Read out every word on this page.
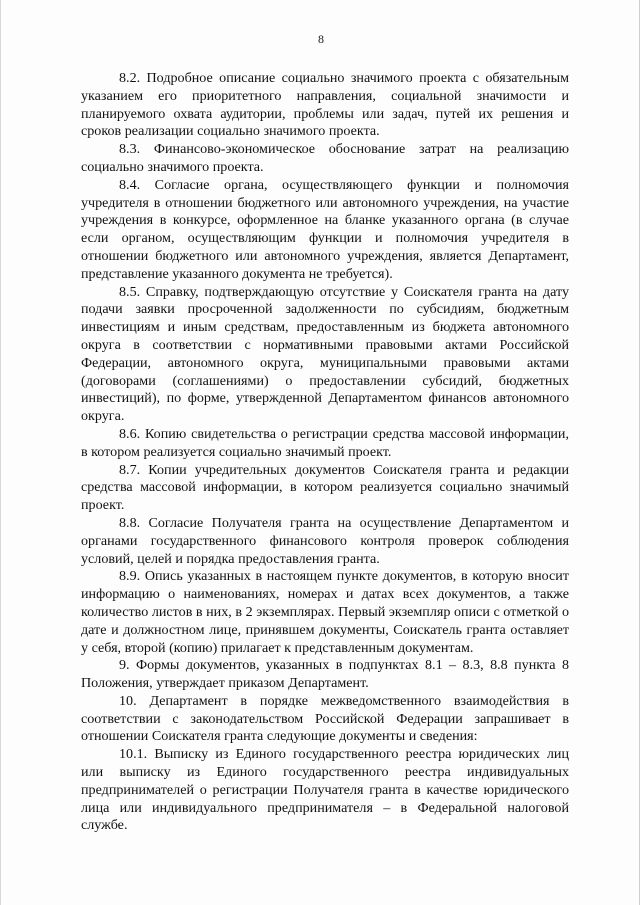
8

8.2. Подробное описание социально значимого проекта с обязательным указанием его приоритетного направления, социальной значимости и планируемого охвата аудитории, проблемы или задач, путей их решения и сроков реализации социально значимого проекта.

8.3. Финансово-экономическое обоснование затрат на реализацию социально значимого проекта.

8.4. Согласие органа, осуществляющего функции и полномочия учредителя в отношении бюджетного или автономного учреждения, на участие учреждения в конкурсе, оформленное на бланке указанного органа (в случае если органом, осуществляющим функции и полномочия учредителя в отношении бюджетного или автономного учреждения, является Департамент, представление указанного документа не требуется).

8.5. Справку, подтверждающую отсутствие у Соискателя гранта на дату подачи заявки просроченной задолженности по субсидиям, бюджетным инвестициям и иным средствам, предоставленным из бюджета автономного округа в соответствии с нормативными правовыми актами Российской Федерации, автономного округа, муниципальными правовыми актами (договорами (соглашениями) о предоставлении субсидий, бюджетных инвестиций), по форме, утвержденной Департаментом финансов автономного округа.

8.6. Копию свидетельства о регистрации средства массовой информации, в котором реализуется социально значимый проект.

8.7. Копии учредительных документов Соискателя гранта и редакции средства массовой информации, в котором реализуется социально значимый проект.

8.8. Согласие Получателя гранта на осуществление Департаментом и органами государственного финансового контроля проверок соблюдения условий, целей и порядка предоставления гранта.

8.9. Опись указанных в настоящем пункте документов, в которую вносит информацию о наименованиях, номерах и датах всех документов, а также количество листов в них, в 2 экземплярах. Первый экземпляр описи с отметкой о дате и должностном лице, принявшем документы, Соискатель гранта оставляет у себя, второй (копию) прилагает к представленным документам.

9. Формы документов, указанных в подпунктах 8.1 – 8.3, 8.8 пункта 8 Положения, утверждает приказом Департамент.

10. Департамент в порядке межведомственного взаимодействия в соответствии с законодательством Российской Федерации запрашивает в отношении Соискателя гранта следующие документы и сведения:

10.1. Выписку из Единого государственного реестра юридических лиц или выписку из Единого государственного реестра индивидуальных предпринимателей о регистрации Получателя гранта в качестве юридического лица или индивидуального предпринимателя – в Федеральной налоговой службе.
